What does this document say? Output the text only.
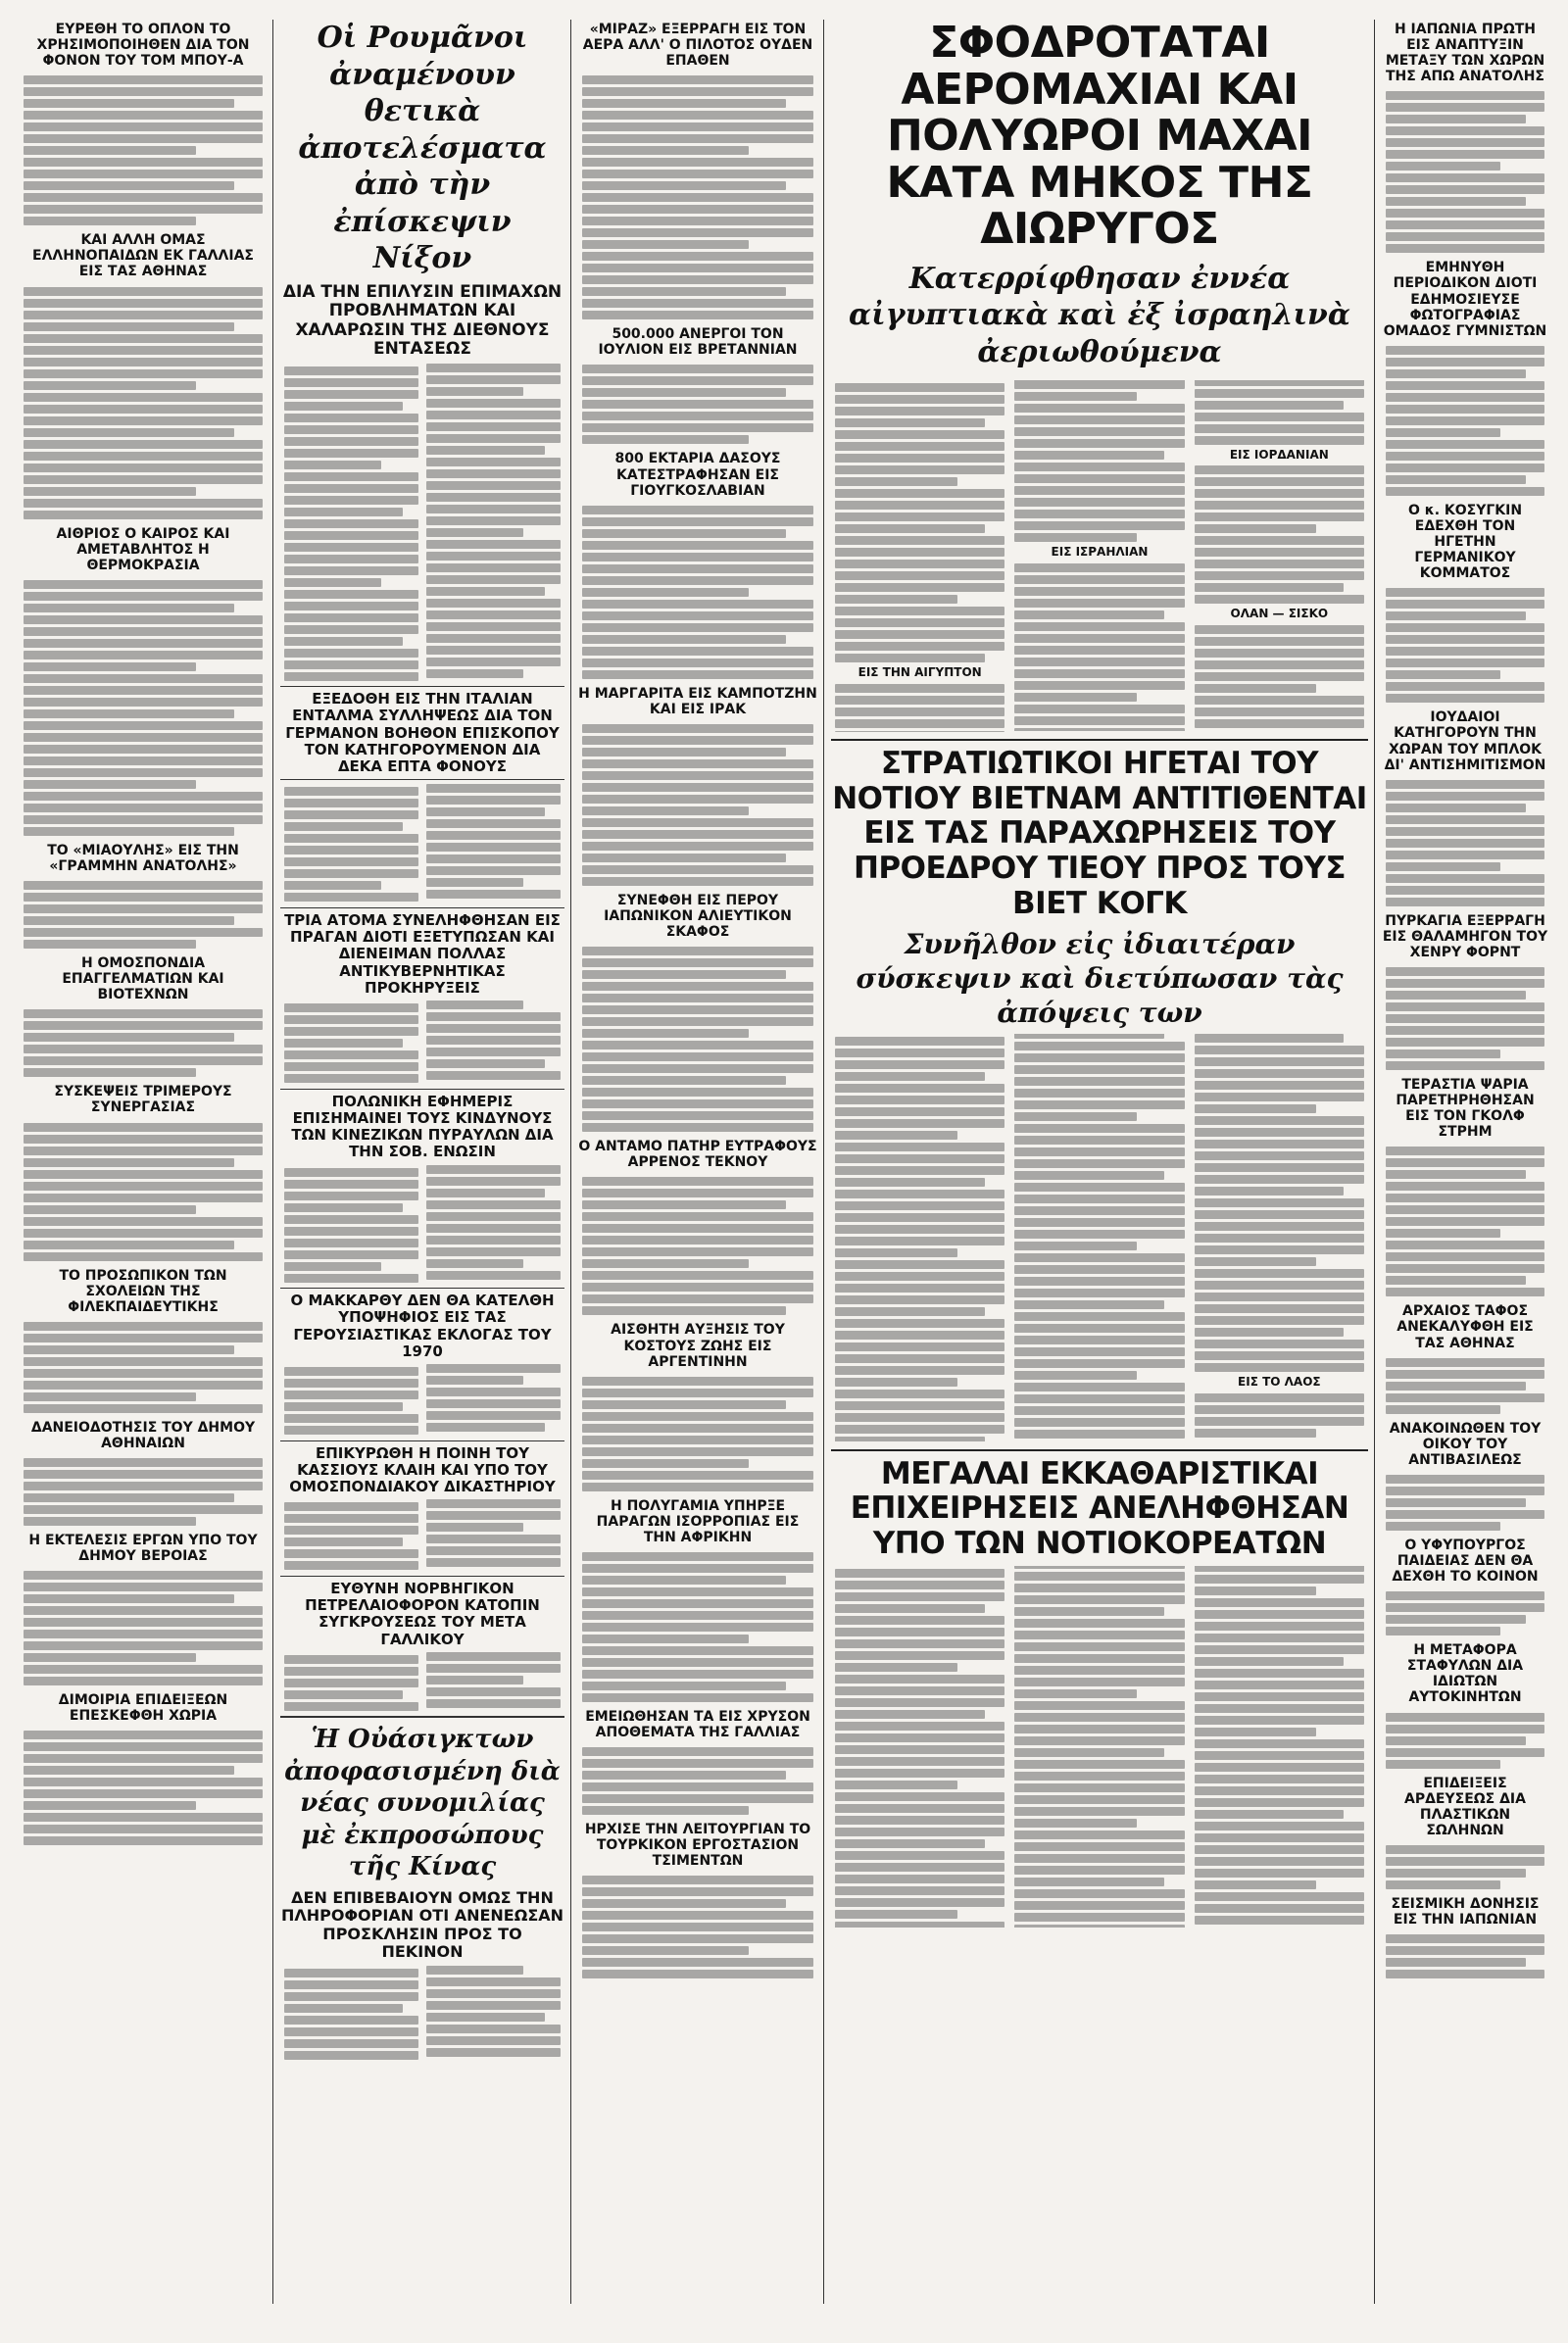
ΕΥΡΕΘΗ ΤΟ ΟΠΛΟΝ ΤΟ ΧΡΗΣΙΜΟΠΟΙΗΘΕΝ ΔΙΑ ΤΟΝ ΦΟΝΟΝ ΤΟΥ ΤΟΜ ΜΠΟΥ-Α
ΚΑΙ ΑΛΛΗ ΟΜΑΣ ΕΛΛΗΝΟΠΑΙΔΩΝ ΕΚ ΓΑΛΛΙΑΣ ΕΙΣ ΤΑΣ ΑΘΗΝΑΣ
ΑΙΘΡΙΟΣ Ο ΚΑΙΡΟΣ ΚΑΙ ΑΜΕΤΑΒΛΗΤΟΣ Η ΘΕΡΜΟΚΡΑΣΙΑ
ΤΟ «ΜΙΑΟΥΛΗΣ» ΕΙΣ ΤΗΝ «ΓΡΑΜΜΗΝ ΑΝΑΤΟΛΗΣ»
Η ΟΜΟΣΠΟΝΔΙΑ ΕΠΑΓΓΕΛΜΑΤΙΩΝ ΚΑΙ ΒΙΟΤΕΧΝΩΝ
ΣΥΣΚΕΨΕΙΣ ΤΡΙΜΕΡΟΥΣ ΣΥΝΕΡΓΑΣΙΑΣ
ΤΟ ΠΡΟΣΩΠΙΚΟΝ ΤΩΝ ΣΧΟΛΕΙΩΝ ΤΗΣ ΦΙΛΕΚΠΑΙΔΕΥΤΙΚΗΣ
ΔΑΝΕΙΟΔΟΤΗΣΙΣ ΤΟΥ ΔΗΜΟΥ ΑΘΗΝΑΙΩΝ
Η ΕΚΤΕΛΕΣΙΣ ΕΡΓΩΝ ΥΠΟ ΤΟΥ ΔΗΜΟΥ ΒΕΡΟΙΑΣ
ΔΙΜΟΙΡΙΑ ΕΠΙΔΕΙΞΕΩΝ ΕΠΕΣΚΕΦΘΗ ΧΩΡΙΑ
Οἱ Ρουμᾶνοι ἀναμένουν θετικὰ ἀποτελέσματα ἀπὸ τὴν ἐπίσκεψιν Νίξον
ΔΙΑ ΤΗΝ ΕΠΙΛΥΣΙΝ ΕΠΙΜΑΧΩΝ ΠΡΟΒΛΗΜΑΤΩΝ ΚΑΙ ΧΑΛΑΡΩΣΙΝ ΤΗΣ ΔΙΕΘΝΟΥΣ ΕΝΤΑΣΕΩΣ
ΕΞΕΔΟΘΗ ΕΙΣ ΤΗΝ ΙΤΑΛΙΑΝ ΕΝΤΑΛΜΑ ΣΥΛΛΗΨΕΩΣ ΔΙΑ ΤΟΝ ΓΕΡΜΑΝΟΝ ΒΟΗΘΟΝ ΕΠΙΣΚΟΠΟΥ ΤΟΝ ΚΑΤΗΓΟΡΟΥΜΕΝΟΝ ΔΙΑ ΔΕΚΑ ΕΠΤΑ ΦΟΝΟΥΣ
ΤΡΙΑ ΑΤΟΜΑ ΣΥΝΕΛΗΦΘΗΣΑΝ ΕΙΣ ΠΡΑΓΑΝ ΔΙΟΤΙ ΕΞΕΤΥΠΩΣΑΝ ΚΑΙ ΔΙΕΝΕΙΜΑΝ ΠΟΛΛΑΣ ΑΝΤΙΚΥΒΕΡΝΗΤΙΚΑΣ ΠΡΟΚΗΡΥΞΕΙΣ
ΠΟΛΩΝΙΚΗ ΕΦΗΜΕΡΙΣ ΕΠΙΣΗΜΑΙΝΕΙ ΤΟΥΣ ΚΙΝΔΥΝΟΥΣ ΤΩΝ ΚΙΝΕΖΙΚΩΝ ΠΥΡΑΥΛΩΝ ΔΙΑ ΤΗΝ ΣΟΒ. ΕΝΩΣΙΝ
Ο ΜΑΚΚΑΡΘΥ ΔΕΝ ΘΑ ΚΑΤΕΛΘΗ ΥΠΟΨΗΦΙΟΣ ΕΙΣ ΤΑΣ ΓΕΡΟΥΣΙΑΣΤΙΚΑΣ ΕΚΛΟΓΑΣ ΤΟΥ 1970
ΕΠΙΚΥΡΩΘΗ Η ΠΟΙΝΗ ΤΟΥ ΚΑΣΣΙΟΥΣ ΚΛΑΙΗ ΚΑΙ ΥΠΟ ΤΟΥ ΟΜΟΣΠΟΝΔΙΑΚΟΥ ΔΙΚΑΣΤΗΡΙΟΥ
ΕΥΘΥΝΗ ΝΟΡΒΗΓΙΚΟΝ ΠΕΤΡΕΛΑΙΟΦΟΡΟΝ ΚΑΤΟΠΙΝ ΣΥΓΚΡΟΥΣΕΩΣ ΤΟΥ ΜΕΤΑ ΓΑΛΛΙΚΟΥ
Ἡ Οὐάσιγκτων ἀποφασισμένη διὰ νέας συνομιλίας μὲ ἐκπροσώπους τῆς Κίνας
ΔΕΝ ΕΠΙΒΕΒΑΙΟΥΝ ΟΜΩΣ ΤΗΝ ΠΛΗΡΟΦΟΡΙΑΝ ΟΤΙ ΑΝΕΝΕΩΣΑΝ ΠΡΟΣΚΛΗΣΙΝ ΠΡΟΣ ΤΟ ΠΕΚΙΝΟΝ
«ΜΙΡΑΖ» ΕΞΕΡΡΑΓΗ ΕΙΣ ΤΟΝ ΑΕΡΑ ΑΛΛ' Ο ΠΙΛΟΤΟΣ ΟΥΔΕΝ ΕΠΑΘΕΝ
500.000 ΑΝΕΡΓΟΙ ΤΟΝ ΙΟΥΛΙΟΝ ΕΙΣ ΒΡΕΤΑΝΝΙΑΝ
800 ΕΚΤΑΡΙΑ ΔΑΣΟΥΣ ΚΑΤΕΣΤΡΑΦΗΣΑΝ ΕΙΣ ΓΙΟΥΓΚΟΣΛΑΒΙΑΝ
Η ΜΑΡΓΑΡΙΤΑ ΕΙΣ ΚΑΜΠΟΤΖΗΝ ΚΑΙ ΕΙΣ ΙΡΑΚ
ΣΥΝΕΦΘΗ ΕΙΣ ΠΕΡΟΥ ΙΑΠΩΝΙΚΟΝ ΑΛΙΕΥΤΙΚΟΝ ΣΚΑΦΟΣ
Ο ΑΝΤΑΜΟ ΠΑΤΗΡ ΕΥΤΡΑΦΟΥΣ ΑΡΡΕΝΟΣ ΤΕΚΝΟΥ
ΑΙΣΘΗΤΗ ΑΥΞΗΣΙΣ ΤΟΥ ΚΟΣΤΟΥΣ ΖΩΗΣ ΕΙΣ ΑΡΓΕΝΤΙΝΗΝ
Η ΠΟΛΥΓΑΜΙΑ ΥΠΗΡΞΕ ΠΑΡΑΓΩΝ ΙΣΟΡΡΟΠΙΑΣ ΕΙΣ ΤΗΝ ΑΦΡΙΚΗΝ
ΕΜΕΙΩΘΗΣΑΝ ΤΑ ΕΙΣ ΧΡΥΣΟΝ ΑΠΟΘΕΜΑΤΑ ΤΗΣ ΓΑΛΛΙΑΣ
ΗΡΧΙΣΕ ΤΗΝ ΛΕΙΤΟΥΡΓΙΑΝ ΤΟ ΤΟΥΡΚΙΚΟΝ ΕΡΓΟΣΤΑΣΙΟΝ ΤΣΙΜΕΝΤΩΝ
ΣΦΟΔΡΟΤΑΤΑΙ ΑΕΡΟΜΑΧΙΑΙ ΚΑΙ ΠΟΛΥΩΡΟΙ ΜΑΧΑΙ ΚΑΤΑ ΜΗΚΟΣ ΤΗΣ ΔΙΩΡΥΓΟΣ
Κατερρίφθησαν ἐννέα αἰγυπτιακὰ καὶ ἐξ ἰσραηλινὰ ἀεριωθούμενα
ΕΙΣ ΤΗΝ ΑΙΓΥΠΤΟΝ
ΕΙΣ ΙΣΡΑΗΛΙΑΝ
ΕΙΣ ΙΟΡΔΑΝΙΑΝ
ΟΛΑΝ — ΣΙΣΚΟ
ΣΤΡΑΤΙΩΤΙΚΟΙ ΗΓΕΤΑΙ ΤΟΥ ΝΟΤΙΟΥ ΒΙΕΤΝΑΜ ΑΝΤΙΤΙΘΕΝΤΑΙ ΕΙΣ ΤΑΣ ΠΑΡΑΧΩΡΗΣΕΙΣ ΤΟΥ ΠΡΟΕΔΡΟΥ ΤΙΕΟΥ ΠΡΟΣ ΤΟΥΣ ΒΙΕΤ ΚΟΓΚ
Συνῆλθον εἰς ἰδιαιτέραν σύσκεψιν καὶ διετύπωσαν τὰς ἀπόψεις των
ΕΙΣ ΤΟ ΛΑΟΣ
ΜΕΓΑΛΑΙ ΕΚΚΑΘΑΡΙΣΤΙΚΑΙ ΕΠΙΧΕΙΡΗΣΕΙΣ ΑΝΕΛΗΦΘΗΣΑΝ ΥΠΟ ΤΩΝ ΝΟΤΙΟΚΟΡΕΑΤΩΝ
Η ΙΑΠΩΝΙΑ ΠΡΩΤΗ ΕΙΣ ΑΝΑΠΤΥΞΙΝ ΜΕΤΑΞΥ ΤΩΝ ΧΩΡΩΝ ΤΗΣ ΑΠΩ ΑΝΑΤΟΛΗΣ
ΕΜΗΝΥΘΗ ΠΕΡΙΟΔΙΚΟΝ ΔΙΟΤΙ ΕΔΗΜΟΣΙΕΥΣΕ ΦΩΤΟΓΡΑΦΙΑΣ ΟΜΑΔΟΣ ΓΥΜΝΙΣΤΩΝ
Ο κ. ΚΟΣΥΓΚΙΝ ΕΔΕΧΘΗ ΤΟΝ ΗΓΕΤΗΝ ΓΕΡΜΑΝΙΚΟΥ ΚΟΜΜΑΤΟΣ
ΙΟΥΔΑΙΟΙ ΚΑΤΗΓΟΡΟΥΝ ΤΗΝ ΧΩΡΑΝ ΤΟΥ ΜΠΛΟΚ ΔΙ' ΑΝΤΙΣΗΜΙΤΙΣΜΟΝ
ΠΥΡΚΑΓΙΑ ΕΞΕΡΡΑΓΗ ΕΙΣ ΘΑΛΑΜΗΓΟΝ ΤΟΥ ΧΕΝΡΥ ΦΟΡΝΤ
ΤΕΡΑΣΤΙΑ ΨΑΡΙΑ ΠΑΡΕΤΗΡΗΘΗΣΑΝ ΕΙΣ ΤΟΝ ΓΚΟΛΦ ΣΤΡΗΜ
ΑΡΧΑΙΟΣ ΤΑΦΟΣ ΑΝΕΚΑΛΥΦΘΗ ΕΙΣ ΤΑΣ ΑΘΗΝΑΣ
ΑΝΑΚΟΙΝΩΘΕΝ ΤΟΥ ΟΙΚΟΥ ΤΟΥ ΑΝΤΙΒΑΣΙΛΕΩΣ
Ο ΥΦΥΠΟΥΡΓΟΣ ΠΑΙΔΕΙΑΣ ΔΕΝ ΘΑ ΔΕΧΘΗ ΤΟ ΚΟΙΝΟΝ
Η ΜΕΤΑΦΟΡΑ ΣΤΑΦΥΛΩΝ ΔΙΑ ΙΔΙΩΤΩΝ ΑΥΤΟΚΙΝΗΤΩΝ
ΕΠΙΔΕΙΞΕΙΣ ΑΡΔΕΥΣΕΩΣ ΔΙΑ ΠΛΑΣΤΙΚΩΝ ΣΩΛΗΝΩΝ
ΣΕΙΣΜΙΚΗ ΔΟΝΗΣΙΣ ΕΙΣ ΤΗΝ ΙΑΠΩΝΙΑΝ
